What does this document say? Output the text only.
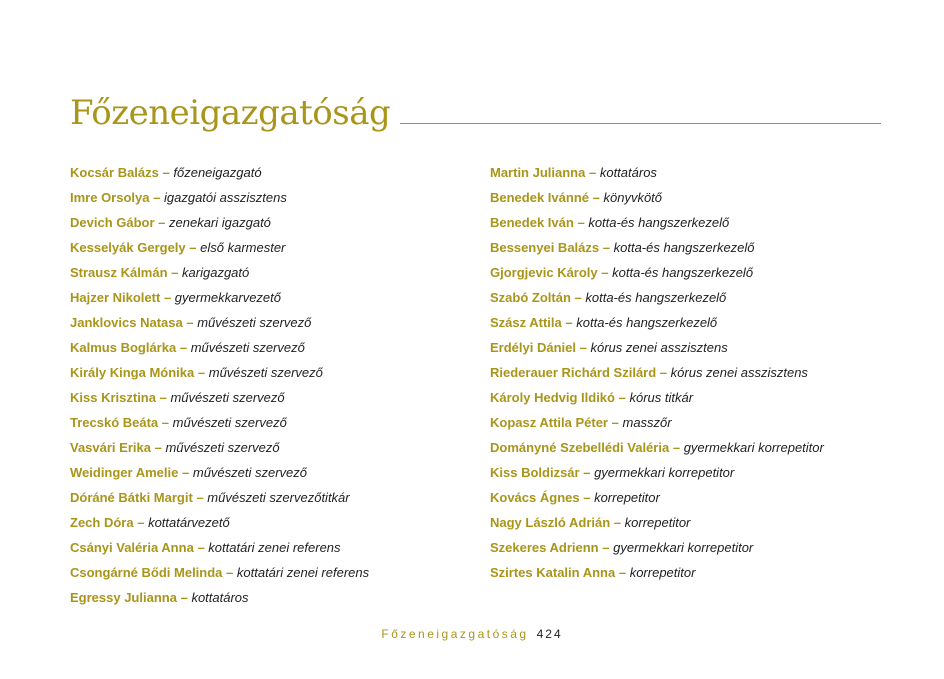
Főzeneigazgatóság
Kocsár Balázs – főzeneigazgató
Imre Orsolya – igazgatói asszisztens
Devich Gábor – zenekari igazgató
Kesselyák Gergely – első karmester
Strausz Kálmán – karigazgató
Hajzer Nikolett – gyermekkarvezető
Janklovics Natasa – művészeti szervező
Kalmus Boglárka – művészeti szervező
Király Kinga Mónika – művészeti szervező
Kiss Krisztina – művészeti szervező
Trecskó Beáta – művészeti szervező
Vasvári Erika – művészeti szervező
Weidinger Amelie – művészeti szervező
Dóráné Bátki Margit – művészeti szervezőtitkár
Zech Dóra – kottatárvezető
Csányi Valéria Anna – kottatári zenei referens
Csongárné Bődi Melinda – kottatári zenei referens
Egressy Julianna – kottatáros
Martin Julianna – kottatáros
Benedek Ivánné – könyvkötő
Benedek Iván – kotta-és hangszerkezelő
Bessenyei Balázs – kotta-és hangszerkezelő
Gjorgjevic Károly – kotta-és hangszerkezelő
Szabó Zoltán – kotta-és hangszerkezelő
Szász Attila – kotta-és hangszerkezelő
Erdélyi Dániel – kórus zenei asszisztens
Riederauer Richárd Szilárd – kórus zenei asszisztens
Károly Hedvig Ildikó – kórus titkár
Kopasz Attila Péter – masszőr
Dományné Szebellédi Valéria – gyermekkari korrepetitor
Kiss Boldizsár – gyermekkari korrepetitor
Kovács Ágnes – korrepetitor
Nagy László Adrián – korrepetitor
Szekeres Adrienn – gyermekkari korrepetitor
Szirtes Katalin Anna – korrepetitor
Főzeneigazgatóság 424
